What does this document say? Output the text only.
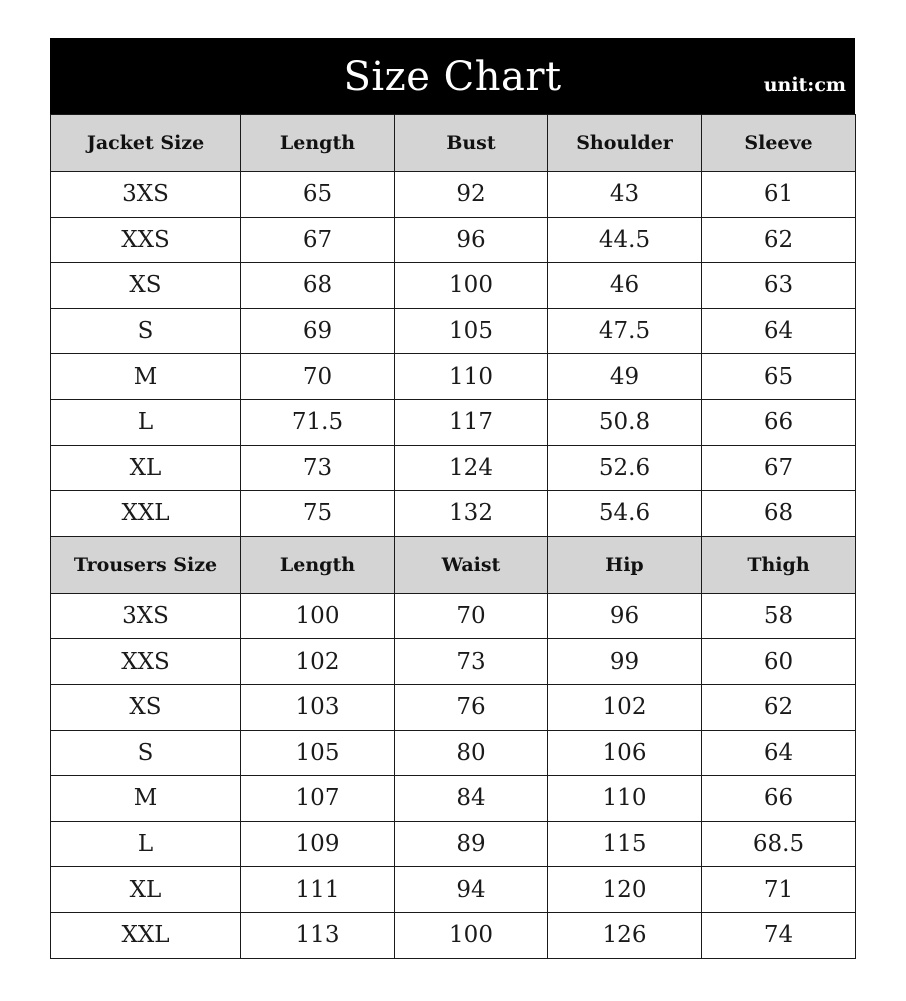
Size Chart	unit:cm
Jacket Size	Length	Bust	Shoulder	Sleeve
3XS	65	92	43	61
XXS	67	96	44.5	62
XS	68	100	46	63
S	69	105	47.5	64
M	70	110	49	65
L	71.5	117	50.8	66
XL	73	124	52.6	67
XXL	75	132	54.6	68
Trousers Size	Length	Waist	Hip	Thigh
3XS	100	70	96	58
XXS	102	73	99	60
XS	103	76	102	62
S	105	80	106	64
M	107	84	110	66
L	109	89	115	68.5
XL	111	94	120	71
XXL	113	100	126	74
